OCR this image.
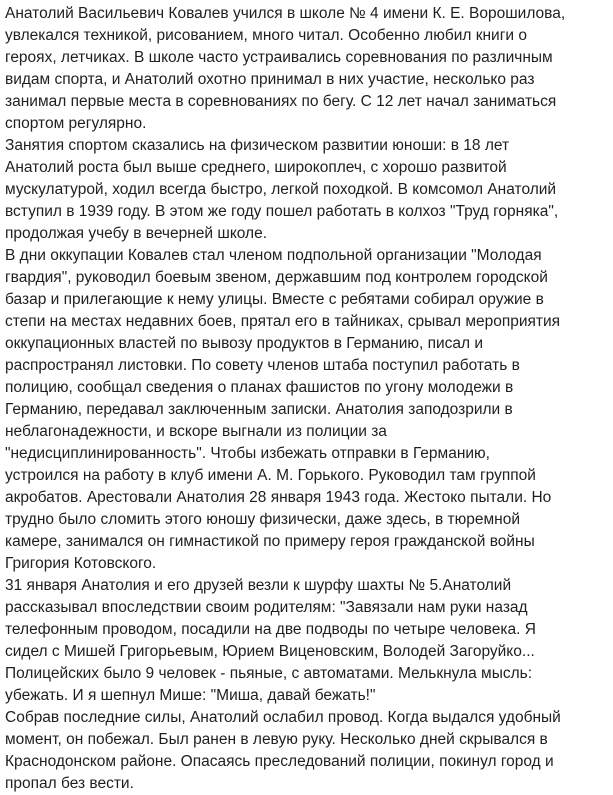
Анатолий Васильевич Ковалев учился в школе № 4 имени К. Е. Ворошилова,
увлекался техникой, рисованием, много читал. Особенно любил книги о
героях, летчиках. В школе часто устраивались соревнования по различным
видам спорта, и Анатолий охотно принимал в них участие, несколько раз
занимал первые места в соревнованиях по бегу. С 12 лет начал заниматься
спортом регулярно.
Занятия спортом сказались на физическом развитии юноши: в 18 лет
Анатолий роста был выше среднего, широкоплеч, с хорошо развитой
мускулатурой, ходил всегда быстро, легкой походкой. В комсомол Анатолий
вступил в 1939 году. В этом же году пошел работать в колхоз "Труд горняка",
продолжая учебу в вечерней школе.
В дни оккупации Ковалев стал членом подпольной организации "Молодая
гвардия", руководил боевым звеном, державшим под контролем городской
базар и прилегающие к нему улицы. Вместе с ребятами собирал оружие в
степи на местах недавних боев, прятал его в тайниках, срывал мероприятия
оккупационных властей по вывозу продуктов в Германию, писал и
распространял листовки. По совету членов штаба поступил работать в
полицию, сообщал сведения о планах фашистов по угону молодежи в
Германию, передавал заключенным записки. Анатолия заподозрили в
неблагонадежности, и вскоре выгнали из полиции за
"недисциплинированность". Чтобы избежать отправки в Германию,
устроился на работу в клуб имени А. М. Горького. Руководил там группой
акробатов. Арестовали Анатолия 28 января 1943 года. Жестоко пытали. Но
трудно было сломить этого юношу физически, даже здесь, в тюремной
камере, занимался он гимнастикой по примеру героя гражданской войны
Григория Котовского.
31 января Анатолия и его друзей везли к шурфу шахты № 5.Анатолий
рассказывал впоследствии своим родителям: "Завязали нам руки назад
телефонным проводом, посадили на две подводы по четыре человека. Я
сидел с Мишей Григорьевым, Юрием Виценовским, Володей Загоруйко...
Полицейских было 9 человек - пьяные, с автоматами. Мелькнула мысль:
убежать. И я шепнул Мише: "Миша, давай бежать!"
Собрав последние силы, Анатолий ослабил провод. Когда выдался удобный
момент, он побежал. Был ранен в левую руку. Несколько дней скрывался в
Краснодонском районе. Опасаясь преследований полиции, покинул город и
пропал без вести.
